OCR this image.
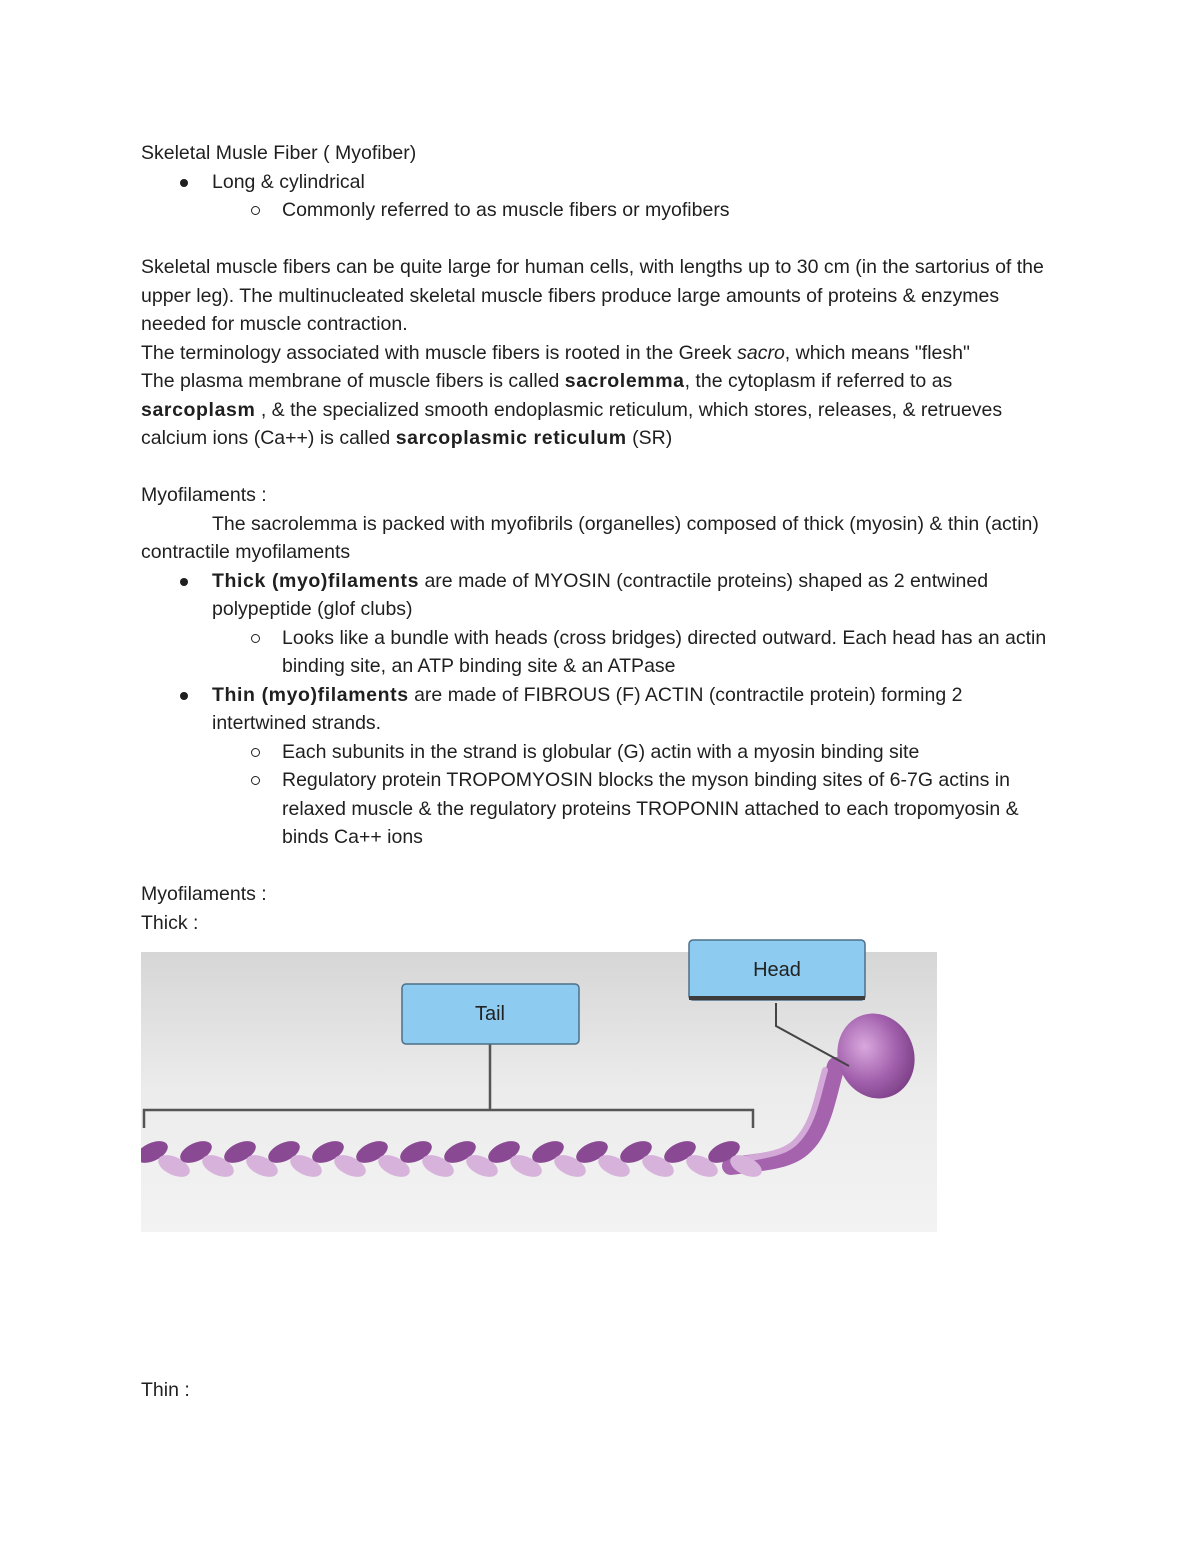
Skeletal Musle Fiber ( Myofiber)

Long & cylindrical
Commonly referred to as muscle fibers or myofibers

Skeletal muscle fibers can be quite large for human cells, with lengths up to 30 cm (in the sartorius of the upper leg). The multinucleated skeletal muscle fibers produce large amounts of proteins & enzymes needed for muscle contraction.

The terminology associated with muscle fibers is rooted in the Greek sacro, which means "flesh"

The plasma membrane of muscle fibers is called sacrolemma, the cytoplasm if referred to as sarcoplasm , & the specialized smooth endoplasmic reticulum, which stores, releases, & retrueves calcium ions (Ca++) is called sarcoplasmic reticulum (SR)

Myofilaments :

The sacrolemma is packed with myofibrils (organelles) composed of thick (myosin) & thin (actin) contractile myofilaments

Thick (myo)filaments are made of MYOSIN (contractile proteins) shaped as 2 entwined polypeptide (glof clubs)
Looks like a bundle with heads (cross bridges) directed outward. Each head has an actin binding site, an ATP binding site & an ATPase
Thin (myo)filaments are made of FIBROUS (F) ACTIN (contractile protein) forming 2 intertwined strands.
Each subunits in the strand is globular (G) actin with a myosin binding site
Regulatory protein TROPOMYOSIN blocks the myson binding sites of 6-7G actins in relaxed muscle & the regulatory proteins TROPONIN attached to each tropomyosin & binds Ca++ ions

Myofilaments :

Thick :

Tail
Head

Thin :
